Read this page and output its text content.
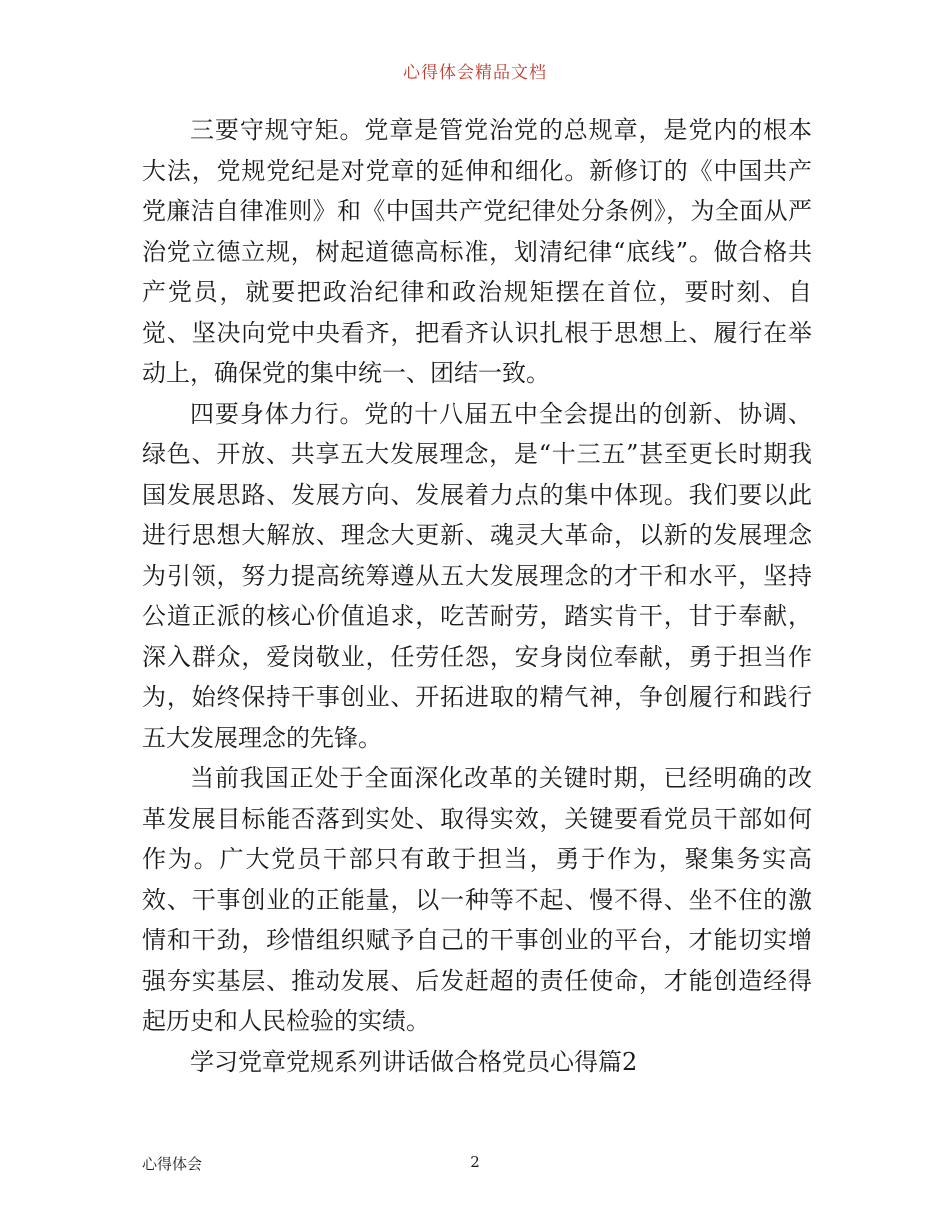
心得体会精品文档

三要守规守矩。党章是管党治党的总规章，是党内的根本大法，党规党纪是对党章的延伸和细化。新修订的《中国共产党廉洁自律准则》和《中国共产党纪律处分条例》，为全面从严治党立德立规，树起道德高标准，划清纪律“底线”。做合格共产党员，就要把政治纪律和政治规矩摆在首位，要时刻、自觉、坚决向党中央看齐，把看齐认识扎根于思想上、履行在举动上，确保党的集中统一、团结一致。

四要身体力行。党的十八届五中全会提出的创新、协调、绿色、开放、共享五大发展理念，是“十三五”甚至更长时期我国发展思路、发展方向、发展着力点的集中体现。我们要以此进行思想大解放、理念大更新、魂灵大革命，以新的发展理念为引领，努力提高统筹遵从五大发展理念的才干和水平，坚持公道正派的核心价值追求，吃苦耐劳，踏实肯干，甘于奉献，深入群众，爱岗敬业，任劳任怨，安身岗位奉献，勇于担当作为，始终保持干事创业、开拓进取的精气神，争创履行和践行五大发展理念的先锋。

当前我国正处于全面深化改革的关键时期，已经明确的改革发展目标能否落到实处、取得实效，关键要看党员干部如何作为。广大党员干部只有敢于担当，勇于作为，聚集务实高效、干事创业的正能量，以一种等不起、慢不得、坐不住的激情和干劲，珍惜组织赋予自己的干事创业的平台，才能切实增强夯实基层、推动发展、后发赶超的责任使命，才能创造经得起历史和人民检验的实绩。

学习党章党规系列讲话做合格党员心得篇2

心得体会	2
